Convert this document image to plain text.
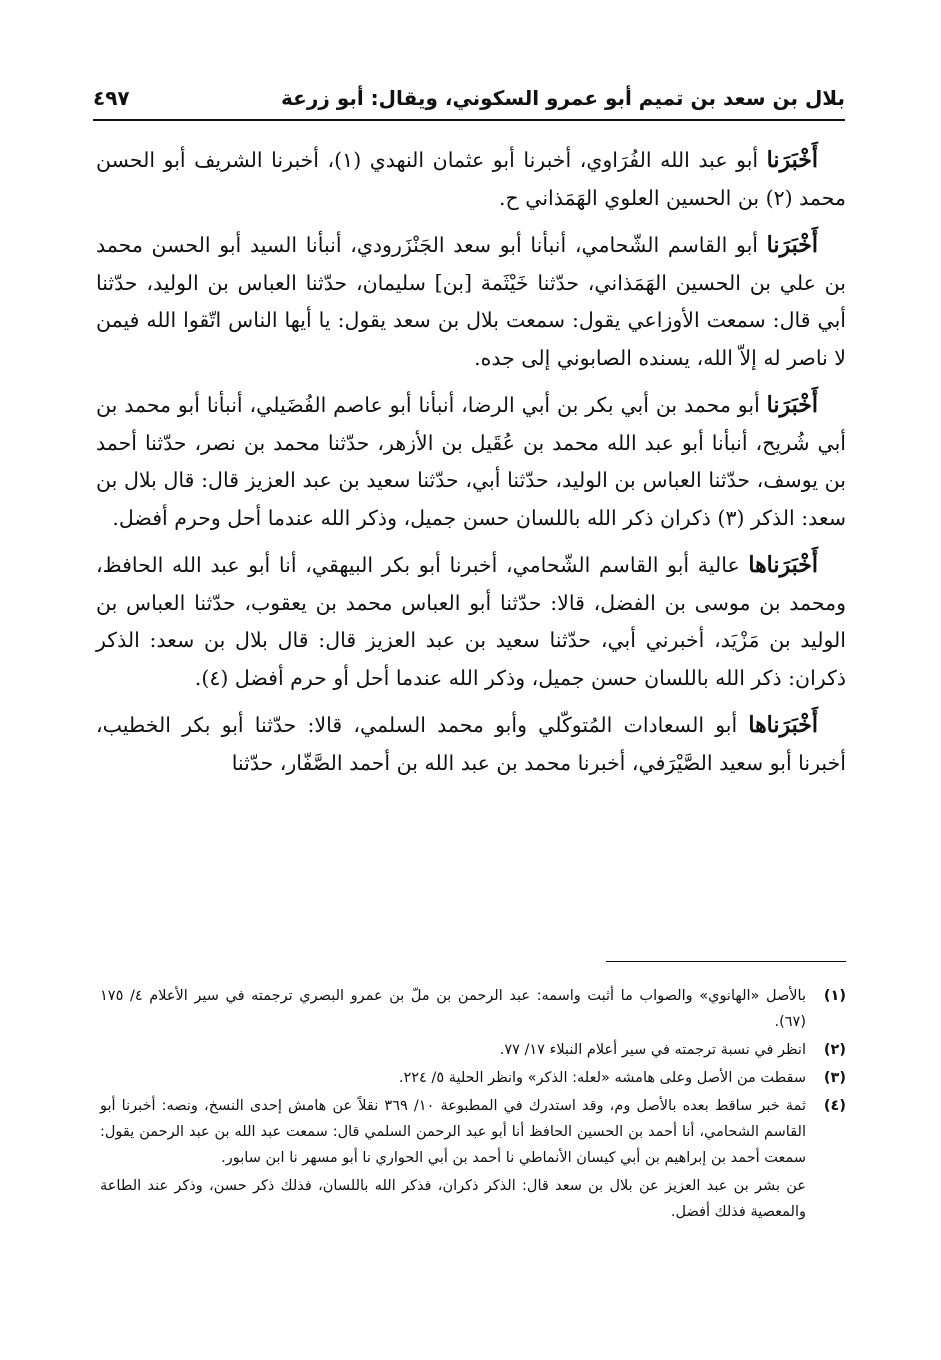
بلال بن سعد بن تميم أبو عمرو السكوني، ويقال: أبو زرعة
٤٩٧

أَخْبَرَنا أبو عبد الله الفُرَاوي، أخبرنا أبو عثمان النهدي (١)، أخبرنا الشريف أبو الحسن محمد (٢) بن الحسين العلوي الهَمَذاني ح.

أَخْبَرَنا أبو القاسم الشّحامي، أنبأنا أبو سعد الجَنْزَرودي، أنبأنا السيد أبو الحسن محمد بن علي بن الحسين الهَمَذاني، حدّثنا خَيْثَمة [بن] سليمان، حدّثنا العباس بن الوليد، حدّثنا أبي قال: سمعت الأوزاعي يقول: سمعت بلال بن سعد يقول: يا أيها الناس اتّقوا الله فيمن لا ناصر له إلاّ الله، يسنده الصابوني إلى جده.

أَخْبَرَنا أبو محمد بن أبي بكر بن أبي الرضا، أنبأنا أبو عاصم الفُضَيلي، أنبأنا أبو محمد بن أبي شُريح، أنبأنا أبو عبد الله محمد بن عُقَيل بن الأزهر، حدّثنا محمد بن نصر، حدّثنا أحمد بن يوسف، حدّثنا العباس بن الوليد، حدّثنا أبي، حدّثنا سعيد بن عبد العزيز قال: قال بلال بن سعد: الذكر (٣) ذكران ذكر الله باللسان حسن جميل، وذكر الله عندما أحل وحرم أفضل.

أَخْبَرَناها عالية أبو القاسم الشّحامي، أخبرنا أبو بكر البيهقي، أنا أبو عبد الله الحافظ، ومحمد بن موسى بن الفضل، قالا: حدّثنا أبو العباس محمد بن يعقوب، حدّثنا العباس بن الوليد بن مَزْيَد، أخبرني أبي، حدّثنا سعيد بن عبد العزيز قال: قال بلال بن سعد: الذكر ذكران: ذكر الله باللسان حسن جميل، وذكر الله عندما أحل أو حرم أفضل (٤).

أَخْبَرَناها أبو السعادات المُتوكّلي وأبو محمد السلمي، قالا: حدّثنا أبو بكر الخطيب، أخبرنا أبو سعيد الصَّيْرَفي، أخبرنا محمد بن عبد الله بن أحمد الصَّفّار، حدّثنا

(١)
بالأصل «الهانوي» والصواب ما أثبت واسمه: عبد الرحمن بن ملّ بن عمرو البصري ترجمته في سير الأعلام ٤/ ١٧٥ (٦٧).
(٢)
انظر في نسبة ترجمته في سير أعلام النبلاء ١٧/ ٧٧.
(٣)
سقطت من الأصل وعلى هامشه «لعله: الذكر» وانظر الحلية ٥/ ٢٢٤.
(٤)
ثمة خبر ساقط بعده بالأصل وم، وقد استدرك في المطبوعة ١٠/ ٣٦٩ نقلاً عن هامش إحدى النسخ، ونصه: أخبرنا أبو القاسم الشحامي، أنا أحمد بن الحسين الحافظ أنا أبو عبد الرحمن السلمي قال: سمعت عبد الله بن عبد الرحمن يقول: سمعت أحمد بن إبراهيم بن أبي كيسان الأنماطي نا أحمد بن أبي الحواري نا أبو مسهر نا ابن سابور.
عن بشر بن عبد العزيز عن بلال بن سعد قال: الذكر ذكران، فذكر الله باللسان، فذلك ذكر حسن، وذكر عند الطاعة والمعصية فذلك أفضل.
